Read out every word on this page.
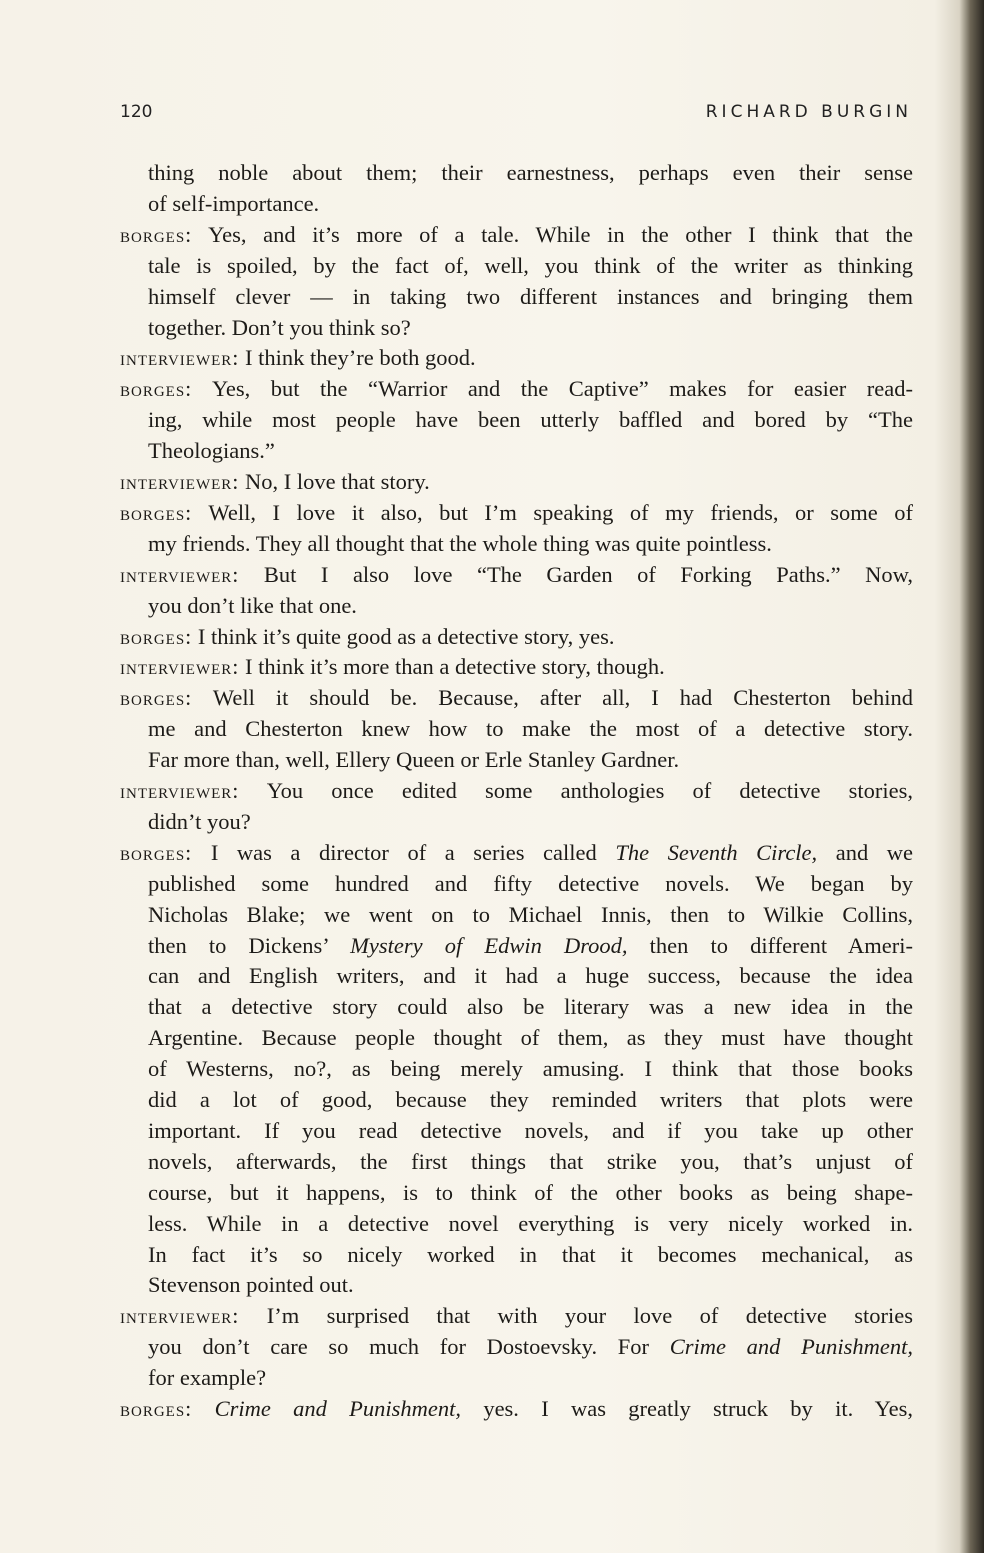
120	RICHARD BURGIN
thing noble about them; their earnestness, perhaps even their sense
of self-importance.
borges: Yes, and it’s more of a tale. While in the other I think that the
tale is spoiled, by the fact of, well, you think of the writer as thinking
himself clever — in taking two different instances and bringing them
together. Don’t you think so?
interviewer: I think they’re both good.
borges: Yes, but the “Warrior and the Captive” makes for easier read-
ing, while most people have been utterly baffled and bored by “The
Theologians.”
interviewer: No, I love that story.
borges: Well, I love it also, but I’m speaking of my friends, or some of
my friends. They all thought that the whole thing was quite pointless.
interviewer: But I also love “The Garden of Forking Paths.” Now,
you don’t like that one.
borges: I think it’s quite good as a detective story, yes.
interviewer: I think it’s more than a detective story, though.
borges: Well it should be. Because, after all, I had Chesterton behind
me and Chesterton knew how to make the most of a detective story.
Far more than, well, Ellery Queen or Erle Stanley Gardner.
interviewer: You once edited some anthologies of detective stories,
didn’t you?
borges: I was a director of a series called The Seventh Circle, and we
published some hundred and fifty detective novels. We began by
Nicholas Blake; we went on to Michael Innis, then to Wilkie Collins,
then to Dickens’ Mystery of Edwin Drood, then to different Ameri-
can and English writers, and it had a huge success, because the idea
that a detective story could also be literary was a new idea in the
Argentine. Because people thought of them, as they must have thought
of Westerns, no?, as being merely amusing. I think that those books
did a lot of good, because they reminded writers that plots were
important. If you read detective novels, and if you take up other
novels, afterwards, the first things that strike you, that’s unjust of
course, but it happens, is to think of the other books as being shape-
less. While in a detective novel everything is very nicely worked in.
In fact it’s so nicely worked in that it becomes mechanical, as
Stevenson pointed out.
interviewer: I’m surprised that with your love of detective stories
you don’t care so much for Dostoevsky. For Crime and Punishment,
for example?
borges: Crime and Punishment, yes. I was greatly struck by it. Yes,
